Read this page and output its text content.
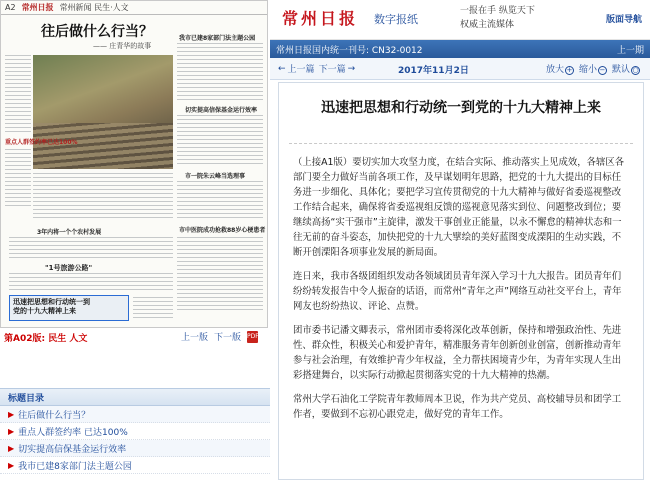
A2 常州日报 常州新闻 民生·人文
往后做什么行当？
—— 庄青华的故事
重点人群签约率已达100%
我市已建8家部门法主题公园
切实提高信保基金运行效率
市一院朱云峰当选理事
市中医院成功抢救88岁心梗患者
3年内将一个个农村发展
"1号旅游公路"
迅速把思想和行动统一到
党的十九大精神上来
第A02版: 民生 人文	上一版 下一版 PDF
标题目录
▶ 往后做什么行当？
▶ 重点人群签约率 已达100%
▶ 切实提高信保基金运行效率
▶ 我市已建8家部门法主题公园
常州日报 数字报纸
一报在手 纵览天下
权威主流媒体	版面导航
常州日报国内统一刊号: CN32-0012	上一期
← 上一篇 下一篇 →	2017年11月2日	放大 + 缩小 − 默认 ○
迅速把思想和行动统一到党的十九大精神上来

（上接A1版）要切实加大攻坚力度，在结合实际、推动落实上见成效，各辖区各部门要全力做好当前各项工作，及早谋划明年思路，把党的十九大提出的目标任务进一步细化、具体化；要把学习宣传贯彻党的十九大精神与做好省委巡视整改工作结合起来，确保将省委巡视组反馈的巡视意见落实到位、问题整改到位；要继续高扬“实干强市”主旋律，激发干事创业正能量，以永不懈怠的精神状态和一往无前的奋斗姿态，加快把党的十九大擘绘的美好蓝图变成溧阳的生动实践，不断开创溧阳各项事业发展的新局面。

连日来，我市各级团组织发动各领域团员青年深入学习十九大报告。团员青年们纷纷转发报告中令人振奋的话语，而常州“青年之声”网络互动社交平台上，青年网友也纷纷热议、评论、点赞。

团市委书记潘文卿表示，常州团市委将深化改革创新，保持和增强政治性、先进性、群众性，积极关心和爱护青年，精准服务青年创新创业创富，创新推动青年参与社会治理，有效维护青少年权益，全力帮扶困境青少年，为青年实现人生出彩搭建舞台，以实际行动掀起贯彻落实党的十九大精神的热潮。

常州大学石油化工学院青年教师周本卫说，作为共产党员、高校辅导员和团学工作者，要做到不忘初心跟党走，做好党的青年工作。
